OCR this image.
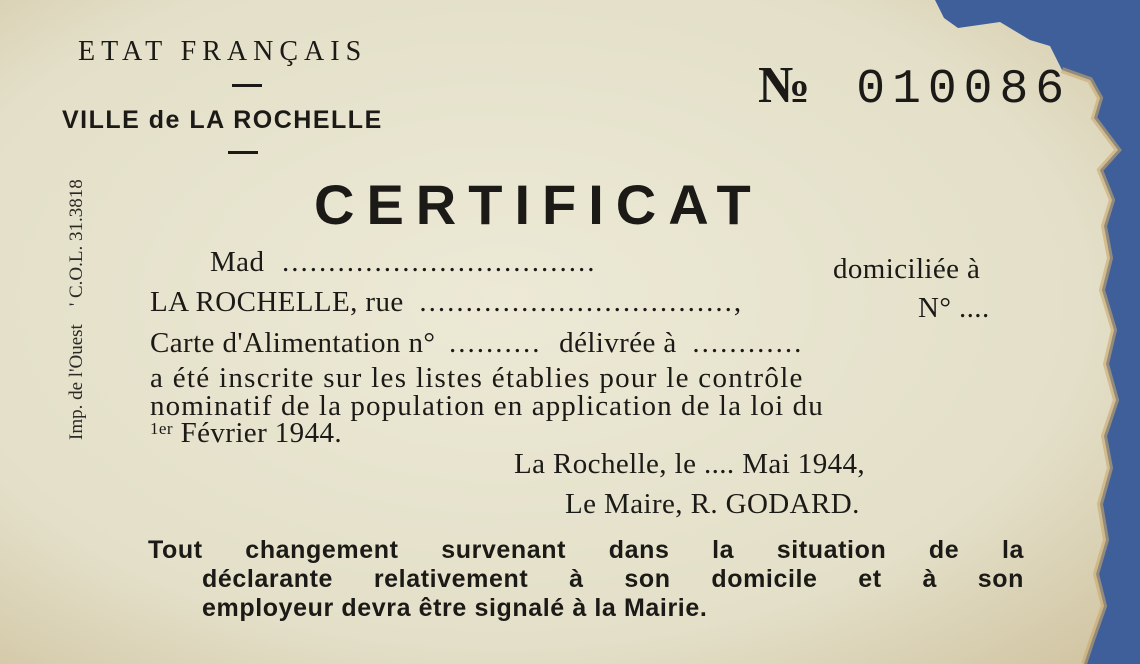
ETAT FRANÇAIS
VILLE de LA ROCHELLE
№ 010086
CERTIFICAT
Mad ..................................	domiciliée à
LA ROCHELLE, rue ..................................,	N° ....
Carte d'Alimentation n° .......... délivrée à ............
a été inscrite sur les listes établies pour le contrôle
nominatif de la population en application de la loi du
$^{1er}$ Février 1944.
La Rochelle, le .... Mai 1944,
Le Maire, R. GODARD.
Imp. de l'Ouest' C.O.L. 31.3818
Tout changement survenant dans la situation de la
déclarante relativement à son domicile et à son
employeur devra être signalé à la Mairie.
